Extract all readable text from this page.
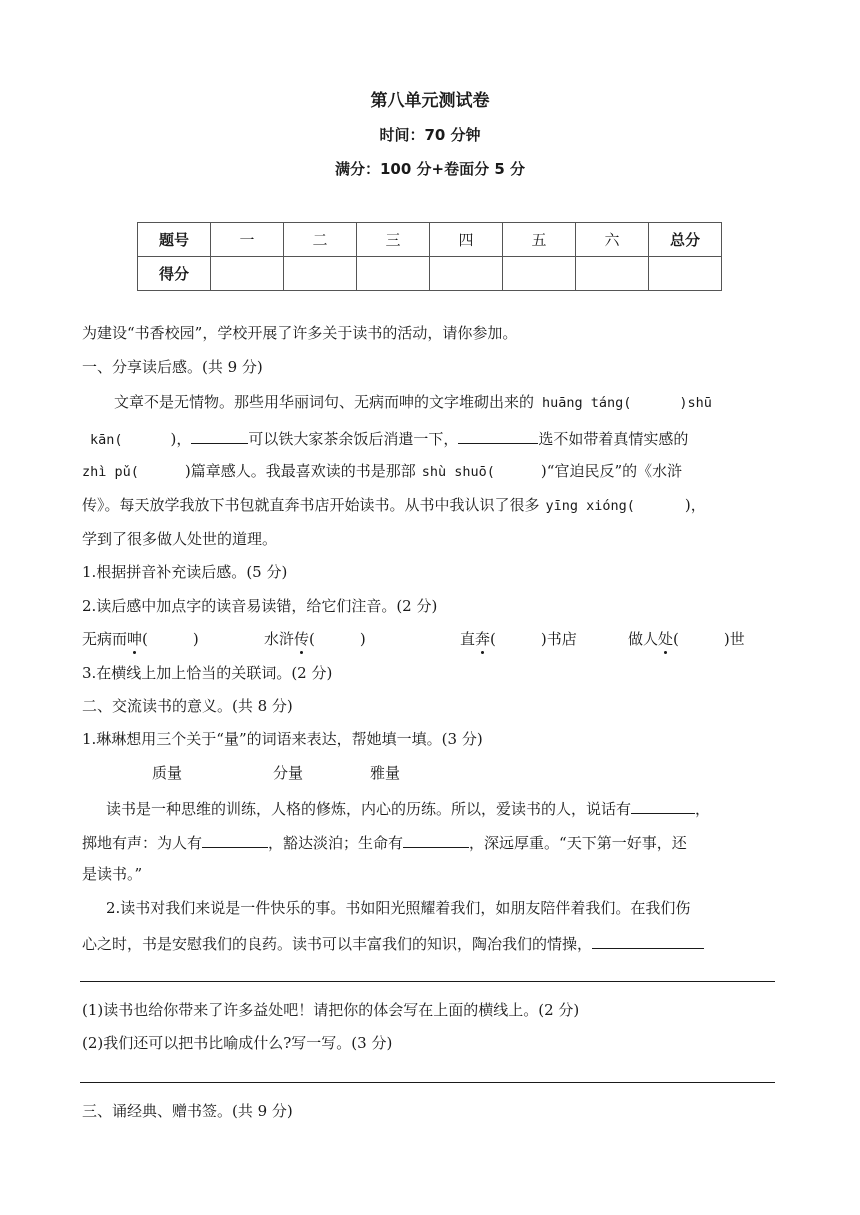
第八单元测试卷
时间：70 分钟
满分：100 分+卷面分 5 分
题号	一	二	三	四	五	六	总分
得分							
为建设“书香校园”，学校开展了许多关于读书的活动，请你参加。
一、分享读后感。(共 9 分)
文章不是无情物。那些用华丽词句、无病而呻的文字堆砌出来的 huāng táng(	)shū
kān(	)，	可以铁大家茶余饭后消遣一下，	选不如带着真情实感的
zhì pǔ(	)篇章感人。我最喜欢读的书是那部 shù shuō(	)“官迫民反”的《水浒
传》。每天放学我放下书包就直奔书店开始读书。从书中我认识了很多 yīng xióng(	)，
学到了很多做人处世的道理。
1.根据拼音补充读后感。(5 分)
2.读后感中加点字的读音易读错，给它们注音。(2 分)
无病而呻(　　　)	水浒传(　　　)	直奔(　　　)书店	做人处(　　　)世
3.在横线上加上恰当的关联词。(2 分)
二、交流读书的意义。(共 8 分)
1.琳琳想用三个关于“量”的词语来表达，帮她填一填。(3 分)
质量	分量	雅量
读书是一种思维的训练，人格的修炼，内心的历练。所以，爱读书的人，说话有	，
掷地有声：为人有	，豁达淡泊；生命有	，深远厚重。“天下第一好事，还
是读书。”
2.读书对我们来说是一件快乐的事。书如阳光照耀着我们，如朋友陪伴着我们。在我们伤
心之时，书是安慰我们的良药。读书可以丰富我们的知识，陶冶我们的情操，
(1)读书也给你带来了许多益处吧！请把你的体会写在上面的横线上。(2 分)
(2)我们还可以把书比喻成什么?写一写。(3 分)
三、诵经典、赠书签。(共 9 分)
